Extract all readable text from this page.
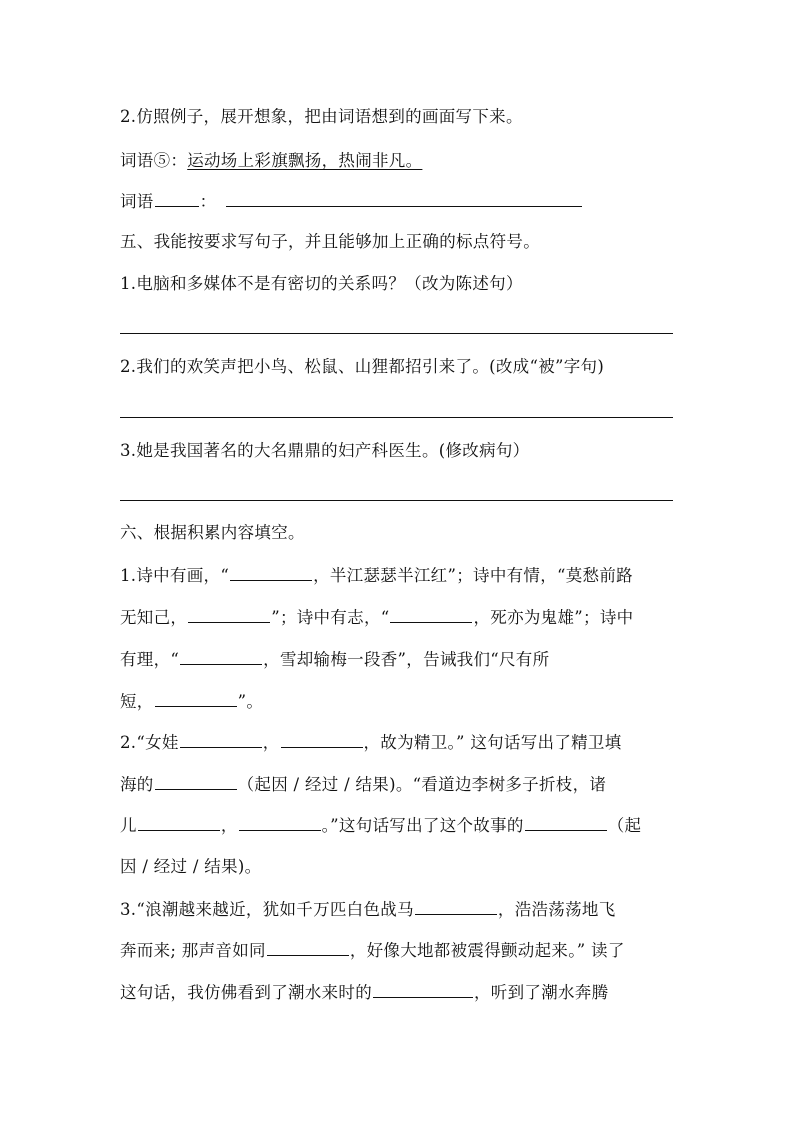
2.仿照例子，展开想象，把由词语想到的画面写下来。
词语⑤：运动场上彩旗飘扬，热闹非凡。
词语	：
五、我能按要求写句子，并且能够加上正确的标点符号。
1.电脑和多媒体不是有密切的关系吗？（改为陈述句）
2.我们的欢笑声把小鸟、松鼠、山狸都招引来了。(改成“被”字句)
3.她是我国著名的大名鼎鼎的妇产科医生。(修改病句）
六、根据积累内容填空。
1.诗中有画，“	，半江瑟瑟半江红”；诗中有情，“莫愁前路
无知己，	”；诗中有志，“	，死亦为鬼雄”；诗中
有理，“	，雪却输梅一段香”，告诫我们“尺有所
短，	”。
2.“女娃	，	，故为精卫。” 这句话写出了精卫填
海的	（起因 / 经过 / 结果)。“看道边李树多子折枝，诸
儿	，	。”这句话写出了这个故事的	（起
因 / 经过 / 结果)。
3.“浪潮越来越近，犹如千万匹白色战马	，浩浩荡荡地飞
奔而来; 那声音如同	，好像大地都被震得颤动起来。” 读了
这句话，我仿佛看到了潮水来时的	，听到了潮水奔腾
